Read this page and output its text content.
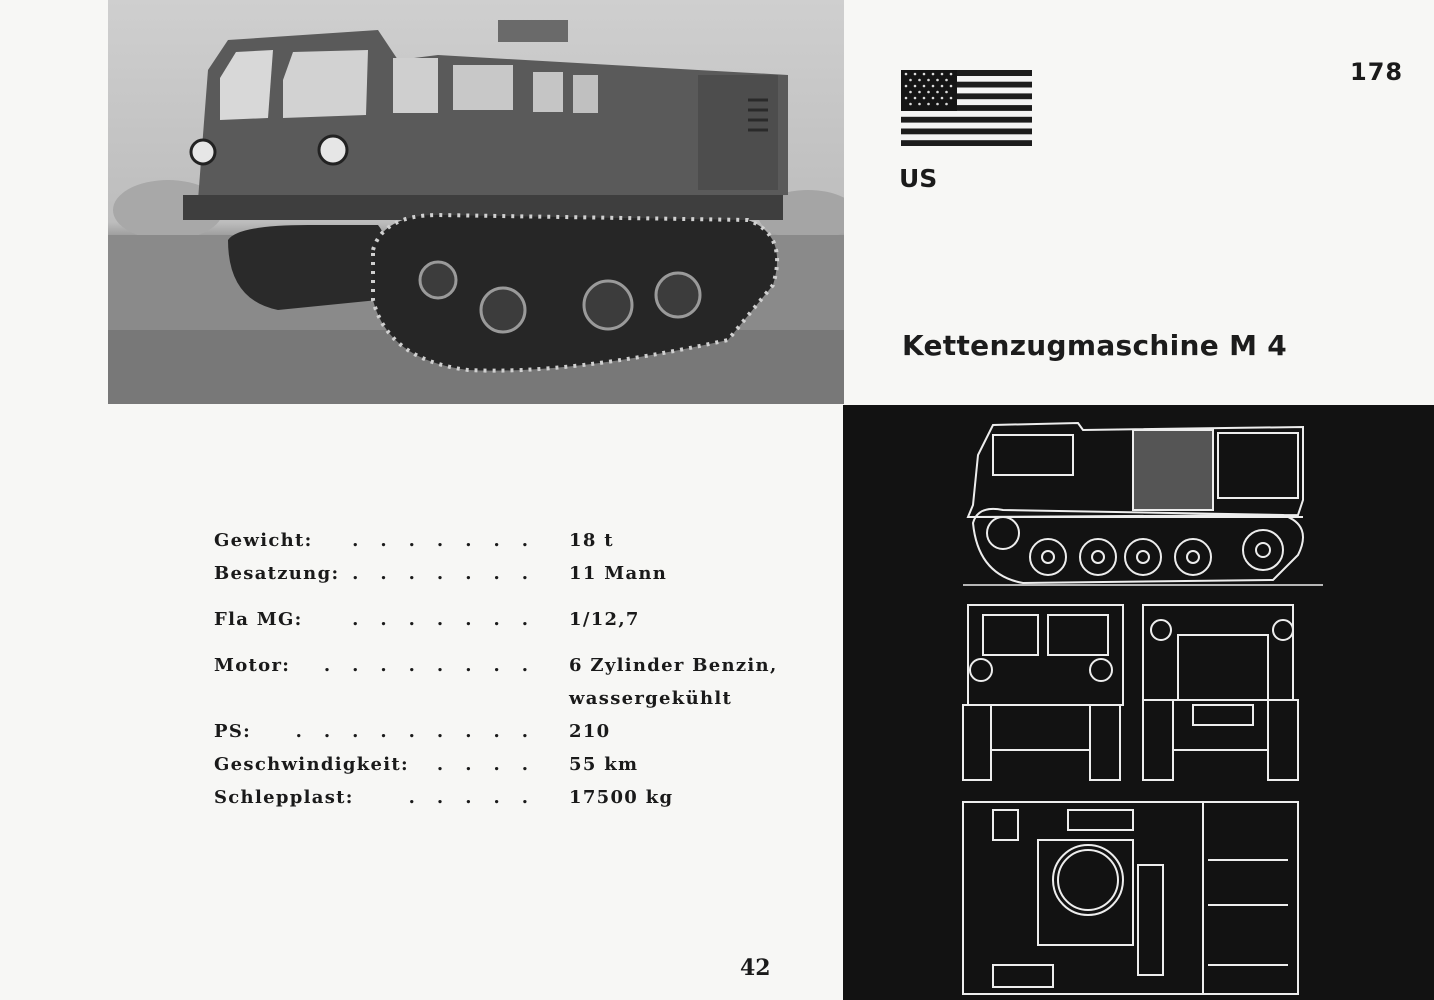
178
US
Kettenzugmaschine M 4
Gewicht: ....... 18 t
Besatzung: ....... 11 Mann
Fla MG:	....... 1/12,7
Motor: ........ 6 Zylinder Benzin,
wassergekühlt
PS: ......... 210
Geschwindigkeit: .... 55 km
Schlepplast:	..... 17500 kg
42
